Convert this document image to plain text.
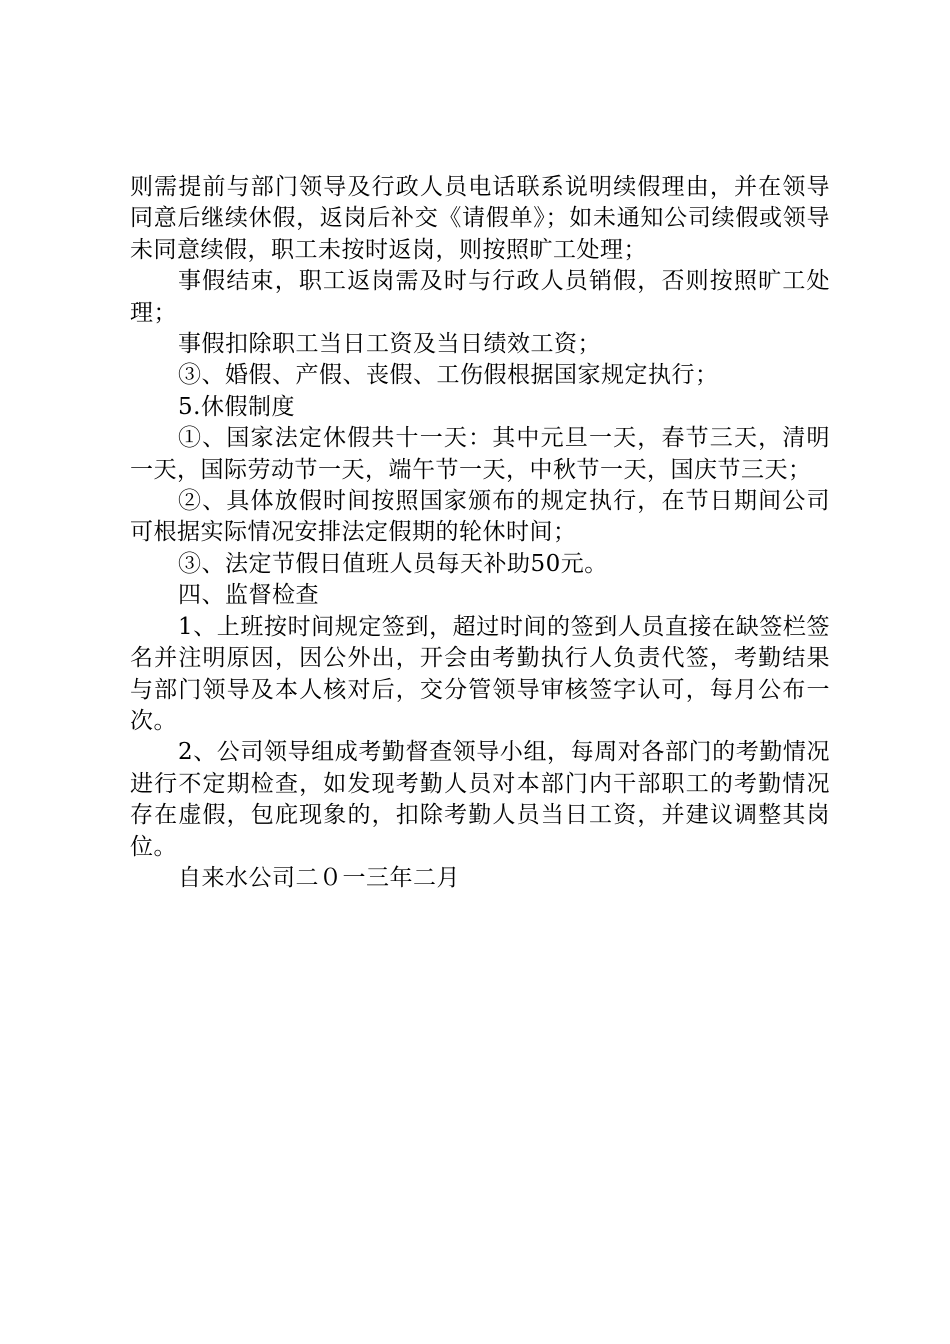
则需提前与部门领导及行政人员电话联系说明续假理由，并在领导同意后继续休假，返岗后补交《请假单》；如未通知公司续假或领导未同意续假，职工未按时返岗，则按照旷工处理；

事假结束，职工返岗需及时与行政人员销假，否则按照旷工处理；

事假扣除职工当日工资及当日绩效工资；

③、婚假、产假、丧假、工伤假根据国家规定执行；

5.休假制度

①、国家法定休假共十一天：其中元旦一天，春节三天，清明一天，国际劳动节一天，端午节一天，中秋节一天，国庆节三天；

②、具体放假时间按照国家颁布的规定执行，在节日期间公司可根据实际情况安排法定假期的轮休时间；

③、法定节假日值班人员每天补助50元。

四、监督检查

1、上班按时间规定签到，超过时间的签到人员直接在缺签栏签名并注明原因，因公外出，开会由考勤执行人负责代签，考勤结果与部门领导及本人核对后，交分管领导审核签字认可，每月公布一次。

2、公司领导组成考勤督查领导小组，每周对各部门的考勤情况进行不定期检查，如发现考勤人员对本部门内干部职工的考勤情况存在虚假，包庇现象的，扣除考勤人员当日工资，并建议调整其岗位。

自来水公司二０一三年二月
